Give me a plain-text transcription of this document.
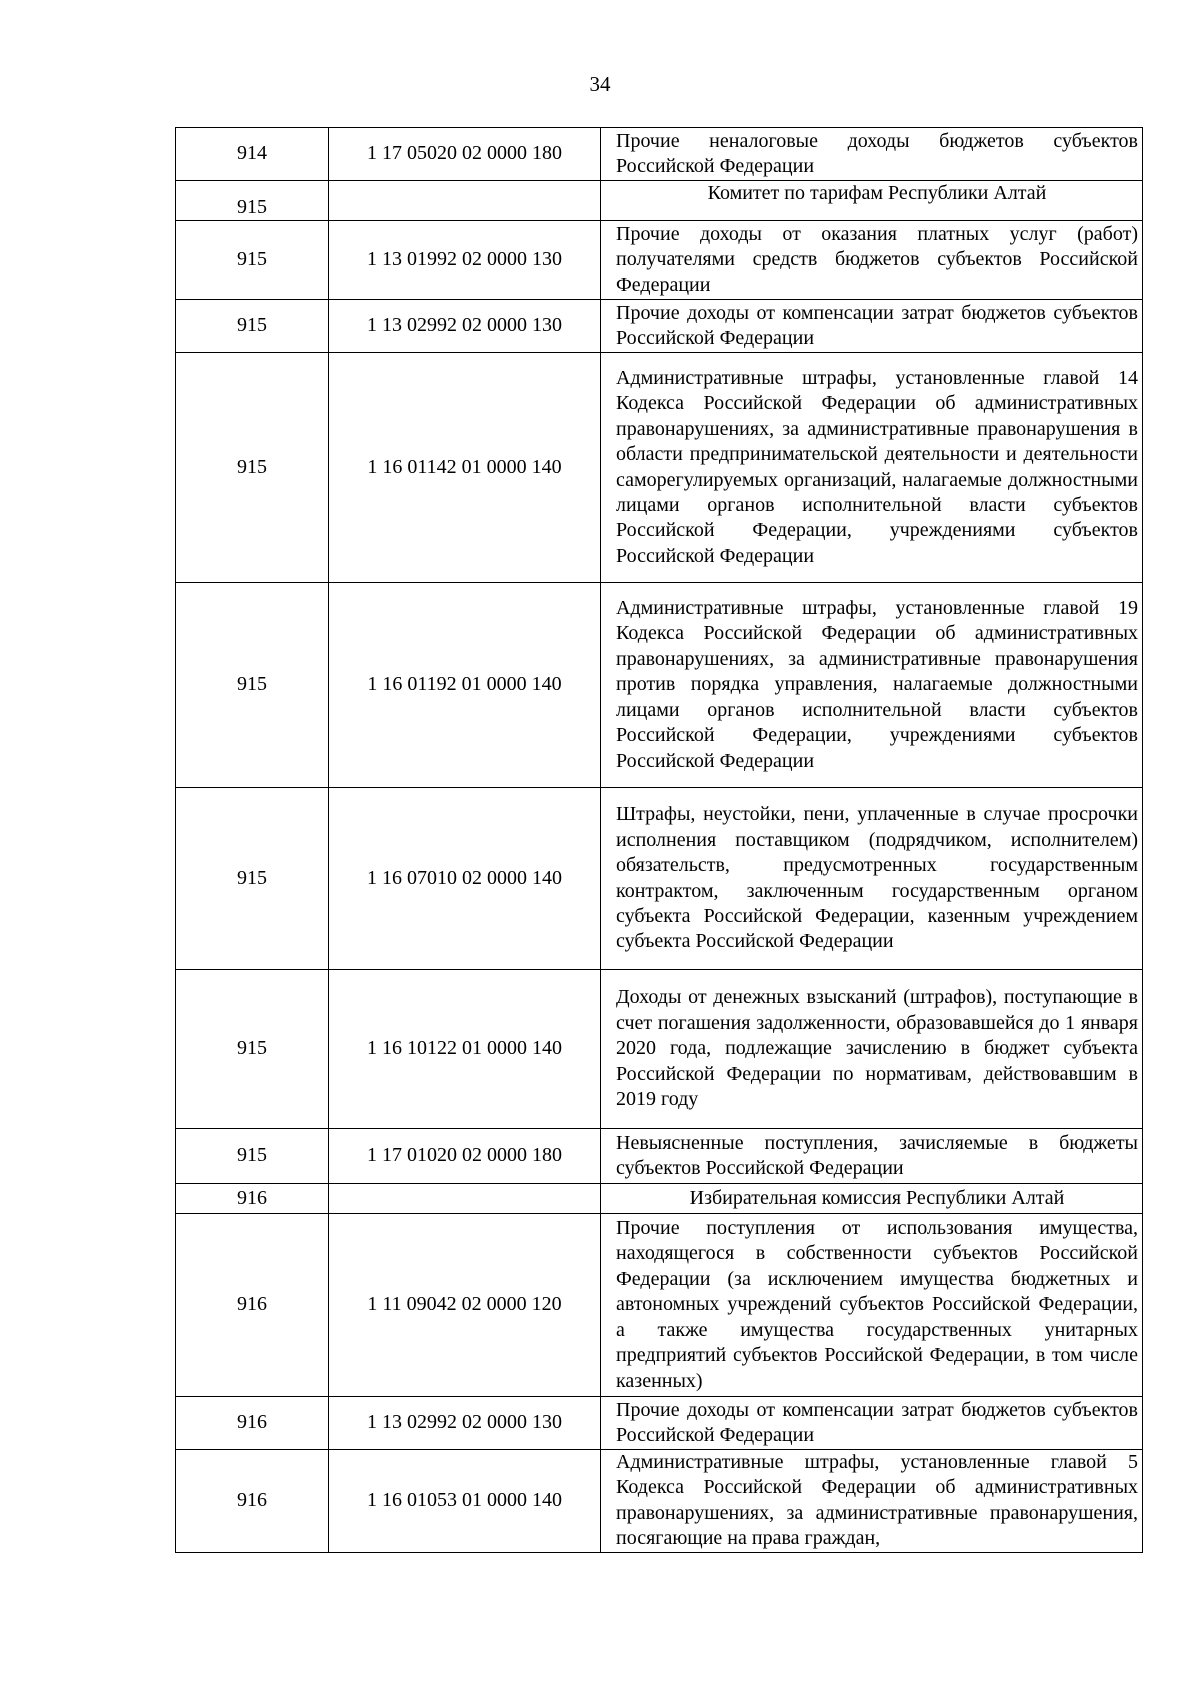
34
914	1 17 05020 02 0000 180	Прочие неналоговые доходы бюджетов субъектов Российской Федерации
915		Комитет по тарифам Республики Алтай
915	1 13 01992 02 0000 130	Прочие доходы от оказания платных услуг (работ) получателями средств бюджетов субъектов Российской Федерации
915	1 13 02992 02 0000 130	Прочие доходы от компенсации затрат бюджетов субъектов Российской Федерации
915	1 16 01142 01 0000 140	Административные штрафы, установленные главой 14 Кодекса Российской Федерации об административных правонарушениях, за административные правонарушения в области предпринимательской деятельности и деятельности саморегулируемых организаций, налагаемые должностными лицами органов исполнительной власти субъектов Российской Федерации, учреждениями субъектов Российской Федерации
915	1 16 01192 01 0000 140	Административные штрафы, установленные главой 19 Кодекса Российской Федерации об административных правонарушениях, за административные правонарушения против порядка управления, налагаемые должностными лицами органов исполнительной власти субъектов Российской Федерации, учреждениями субъектов Российской Федерации
915	1 16 07010 02 0000 140	Штрафы, неустойки, пени, уплаченные в случае просрочки исполнения поставщиком (подрядчиком, исполнителем) обязательств, предусмотренных государственным контрактом, заключенным государственным органом субъекта Российской Федерации, казенным учреждением субъекта Российской Федерации
915	1 16 10122 01 0000 140	Доходы от денежных взысканий (штрафов), поступающие в счет погашения задолженности, образовавшейся до 1 января 2020 года, подлежащие зачислению в бюджет субъекта Российской Федерации по нормативам, действовавшим в 2019 году
915	1 17 01020 02 0000 180	Невыясненные поступления, зачисляемые в бюджеты субъектов Российской Федерации
916		Избирательная комиссия Республики Алтай
916	1 11 09042 02 0000 120	Прочие поступления от использования имущества, находящегося в собственности субъектов Российской Федерации (за исключением имущества бюджетных и автономных учреждений субъектов Российской Федерации, а также имущества государственных унитарных предприятий субъектов Российской Федерации, в том числе казенных)
916	1 13 02992 02 0000 130	Прочие доходы от компенсации затрат бюджетов субъектов Российской Федерации
916	1 16 01053 01 0000 140	Административные штрафы, установленные главой 5 Кодекса Российской Федерации об административных правонарушениях, за административные правонарушения, посягающие на права граждан,
